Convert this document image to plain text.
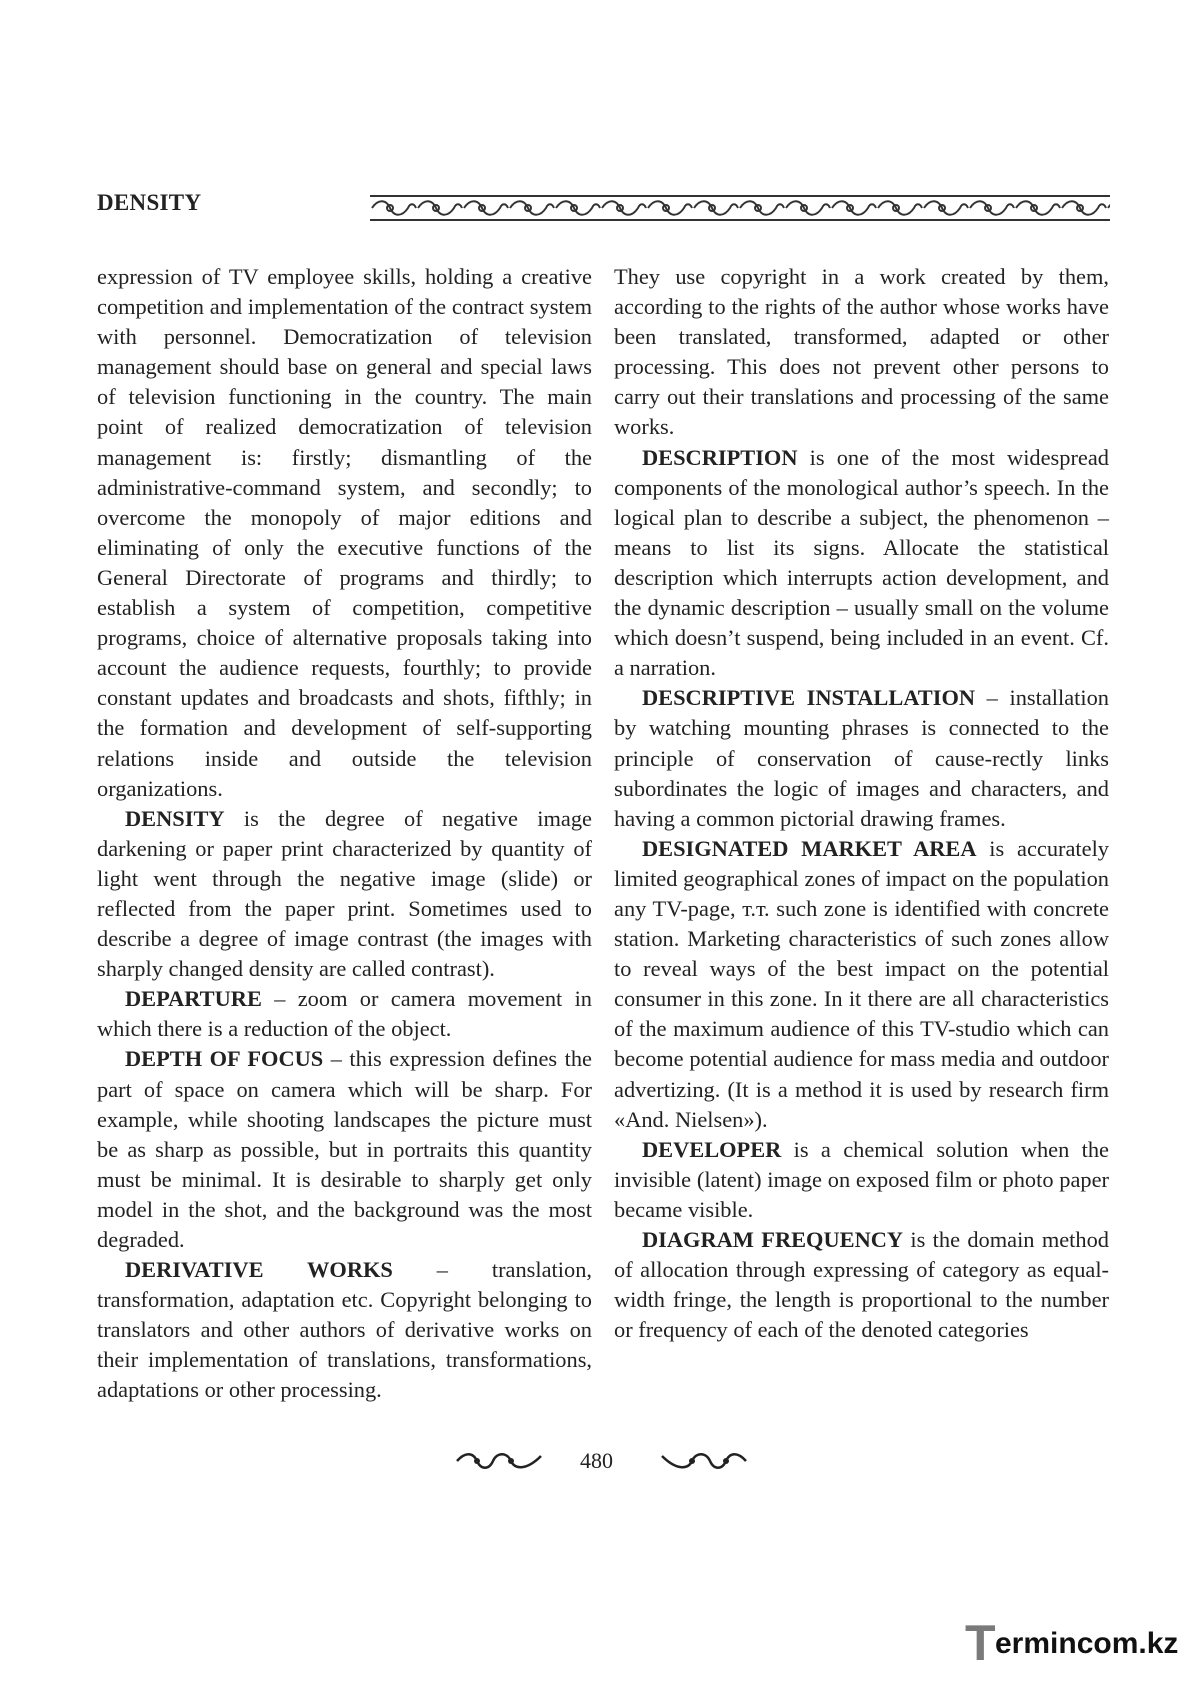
DENSITY

expression of TV employee skills, holding a creative competition and implementation of the contract system with personnel. Democratization of television management should base on general and special laws of television functioning in the country. The main point of realized democratization of television management is: firstly; dismantling of the administrative-command system, and secondly; to overcome the monopoly of major editions and eliminating of only the executive functions of the General Directorate of programs and thirdly; to establish a system of competition, competitive programs, choice of alternative proposals taking into account the audience requests, fourthly; to provide constant updates and broadcasts and shots, fifthly; in the formation and development of self-supporting relations inside and outside the television organizations.

DENSITY is the degree of negative image darkening or paper print characterized by quantity of light went through the negative image (slide) or reflected from the paper print. Sometimes used to describe a degree of image contrast (the images with sharply changed density are called contrast).

DEPARTURE – zoom or camera movement in which there is a reduction of the object.

DEPTH OF FOCUS – this expression defines the part of space on camera which will be sharp. For example, while shooting landscapes the picture must be as sharp as possible, but in portraits this quantity must be minimal. It is desirable to sharply get only model in the shot, and the background was the most degraded.

DERIVATIVE WORKS – translation, transformation, adaptation etc. Copyright belonging to translators and other authors of derivative works on their implementation of translations, transformations, adaptations or other processing.

They use copyright in a work created by them, according to the rights of the author whose works have been translated, transformed, adapted or other processing. This does not prevent other persons to carry out their translations and processing of the same works.

DESCRIPTION is one of the most widespread components of the monological author’s speech. In the logical plan to describe a subject, the phenomenon – means to list its signs. Allocate the statistical description which interrupts action development, and the dynamic description – usually small on the volume which doesn’t suspend, being included in an event. Cf. a narration.

DESCRIPTIVE INSTALLATION – installation by watching mounting phrases is connected to the principle of conservation of cause-rectly links subordinates the logic of images and characters, and having a common pictorial drawing frames.

DESIGNATED MARKET AREA is accurately limited geographical zones of impact on the population any TV-page, т.т. such zone is identified with concrete station. Marketing characteristics of such zones allow to reveal ways of the best impact on the potential consumer in this zone. In it there are all characteristics of the maximum audience of this TV-studio which can become potential audience for mass media and outdoor advertizing. (It is a method it is used by research firm «And. Nielsen»).

DEVELOPER is a chemical solution when the invisible (latent) image on exposed film or photo paper became visible.

DIAGRAM FREQUENCY is the domain method of allocation through expressing of category as equal-width fringe, the length is proportional to the number or frequency of each of the denoted categories

480
T ermincom.kz
